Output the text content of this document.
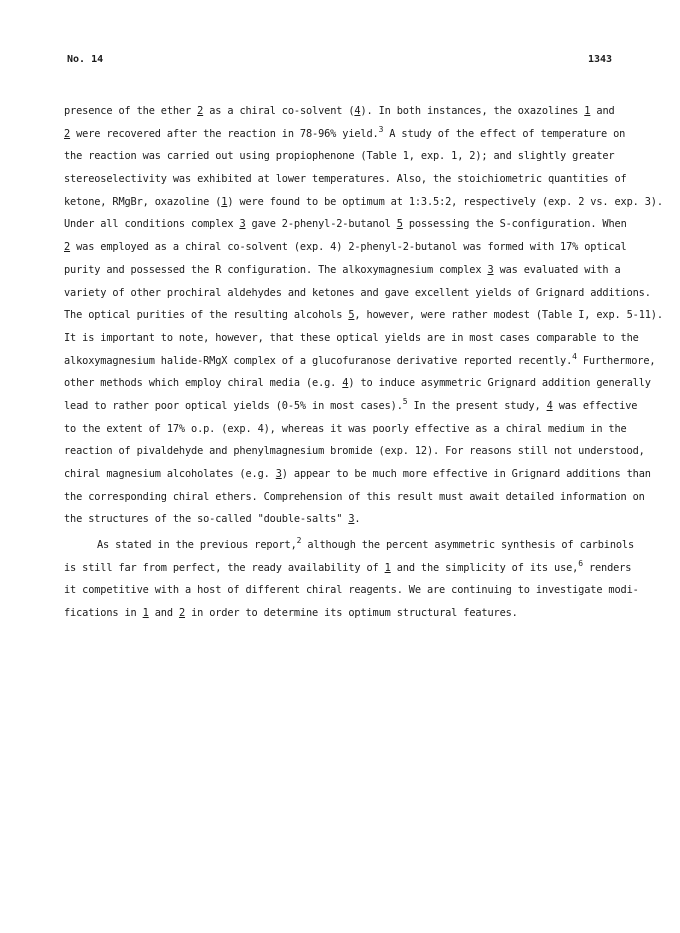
No. 14	1343
presence of the ether 2 as a chiral co-solvent (4). In both instances, the oxazolines 1 and
2 were recovered after the reaction in 78-96% yield.$^3$ A study of the effect of temperature on
the reaction was carried out using propiophenone (Table 1, exp. 1, 2); and slightly greater
stereoselectivity was exhibited at lower temperatures. Also, the stoichiometric quantities of
ketone, RMgBr, oxazoline (1) were found to be optimum at 1:3.5:2, respectively (exp. 2 vs. exp. 3).
Under all conditions complex 3 gave 2-phenyl-2-butanol 5 possessing the S-configuration. When
2 was employed as a chiral co-solvent (exp. 4) 2-phenyl-2-butanol was formed with 17% optical
purity and possessed the R configuration. The alkoxymagnesium complex 3 was evaluated with a
variety of other prochiral aldehydes and ketones and gave excellent yields of Grignard additions.
The optical purities of the resulting alcohols 5, however, were rather modest (Table I, exp. 5-11).
It is important to note, however, that these optical yields are in most cases comparable to the
alkoxymagnesium halide-RMgX complex of a glucofuranose derivative reported recently.$^4$ Furthermore,
other methods which employ chiral media (e.g. 4) to induce asymmetric Grignard addition generally
lead to rather poor optical yields (0-5% in most cases).$^5$ In the present study, 4 was effective
to the extent of 17% o.p. (exp. 4), whereas it was poorly effective as a chiral medium in the
reaction of pivaldehyde and phenylmagnesium bromide (exp. 12). For reasons still not understood,
chiral magnesium alcoholates (e.g. 3) appear to be much more effective in Grignard additions than
the corresponding chiral ethers. Comprehension of this result must await detailed information on
the structures of the so-called "double-salts" 3.
As stated in the previous report,$^2$ although the percent asymmetric synthesis of carbinols
is still far from perfect, the ready availability of 1 and the simplicity of its use,$^6$ renders
it competitive with a host of different chiral reagents. We are continuing to investigate modi-
fications in 1 and 2 in order to determine its optimum structural features.
